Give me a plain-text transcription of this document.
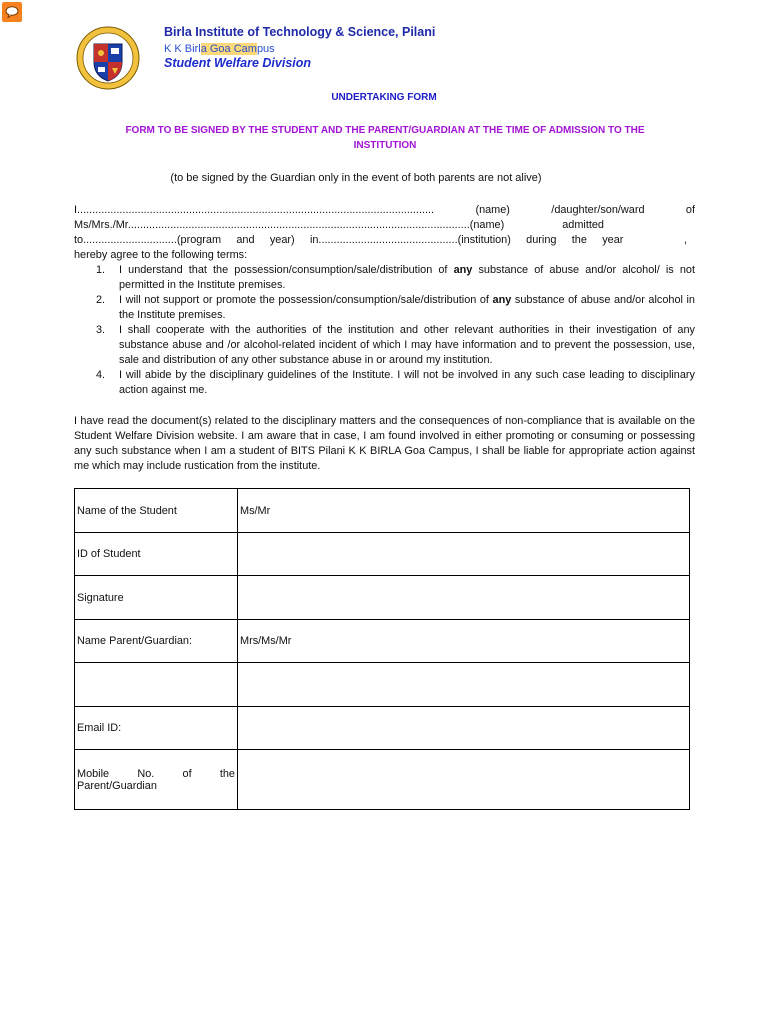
Birla Institute of Technology & Science, Pilani
K K Birla Goa Campus
Student Welfare Division
UNDERTAKING FORM
FORM TO BE SIGNED BY THE STUDENT AND THE PARENT/GUARDIAN AT THE TIME OF ADMISSION TO THE INSTITUTION
(to be signed by the Guardian only in the event of both parents are not alive)
I......................................................................................................................	(name)	/daughter/son/ward	of
Ms/Mrs./Mr.................................................................................................................(name)	admitted
to...............................(program and year) in..............................................(institution) during the year	,
hereby agree to the following terms:
1.	I understand that the possession/consumption/sale/distribution of any substance of abuse and/or alcohol/ is not permitted in the Institute premises.
2.	I will not support or promote the possession/consumption/sale/distribution of any substance of abuse and/or alcohol in the Institute premises.
3.	I shall cooperate with the authorities of the institution and other relevant authorities in their investigation of any substance abuse and /or alcohol-related incident of which I may have information and to prevent the possession, use, sale and distribution of any other substance abuse in or around my institution.
4.	I will abide by the disciplinary guidelines of the Institute. I will not be involved in any such case leading to disciplinary action against me.
I have read the document(s) related to the disciplinary matters and the consequences of non-compliance that is available on the Student Welfare Division website. I am aware that in case, I am found involved in either promoting or consuming or possessing any such substance when I am a student of BITS Pilani K K BIRLA Goa Campus, I shall be liable for appropriate action against me which may include rustication from the institute.
Name of the Student	Ms/Mr
ID of Student	
Signature	
Name Parent/Guardian:	Mrs/Ms/Mr

Email ID:	

Mobile No. of the
Parent/Guardian	
